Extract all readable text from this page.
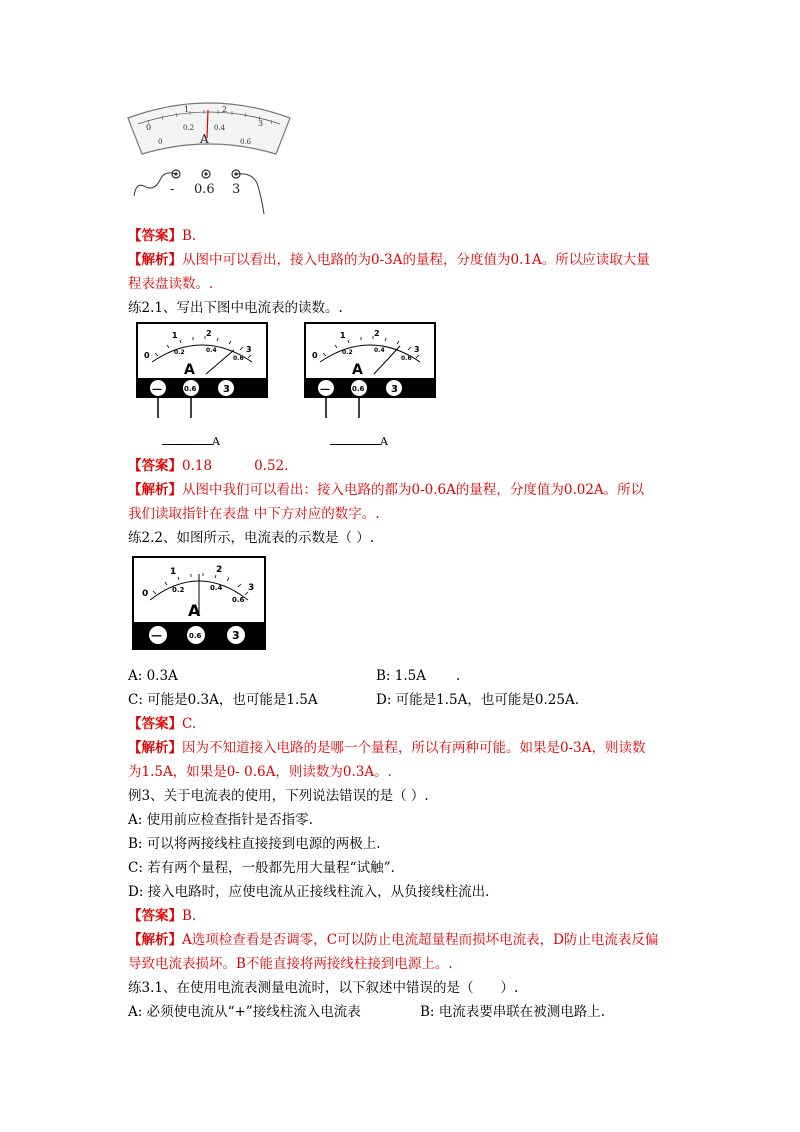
0
1	2
3
0
0.2	0.4
0.6
A
- 0.6 3
【答案】B.
【解析】从图中可以看出，接入电路的为0-3A的量程，分度值为0.1A。所以应读取大量
程表盘读数。.
练2.1、写出下图中电流表的读数。.
0
1	2
3
0.2	0.4
0.6
A
—	0.6	3
0
1	2
3
0.2	0.4
0.6
A
—	0.6	3
A	A
【答案】0.18	0.52.
【解析】从图中我们可以看出：接入电路的都为0-0.6A的量程，分度值为0.02A。所以
我们读取指针在表盘 中下方对应的数字。.
练2.2、如图所示，电流表的示数是（ ）.
0
1	2
3
0.2	0.4
0.6
A
—	0.6	3
A: 0.3A	B: 1.5A .
C: 可能是0.3A，也可能是1.5A	D: 可能是1.5A，也可能是0.25A.
【答案】C.
【解析】因为不知道接入电路的是哪一个量程，所以有两种可能。如果是0-3A，则读数
为1.5A，如果是0- 0.6A，则读数为0.3A。.
例3、关于电流表的使用，下列说法错误的是（ ）.
A: 使用前应检查指针是否指零.
B: 可以将两接线柱直接接到电源的两极上.
C: 若有两个量程，一般都先用大量程“试触”.
D: 接入电路时，应使电流从正接线柱流入，从负接线柱流出.
【答案】B.
【解析】A选项检查看是否调零，C可以防止电流超量程而损坏电流表，D防止电流表反偏
导致电流表损坏。B不能直接将两接线柱接到电源上。.
练3.1、在使用电流表测量电流时，以下叙述中错误的是（　　）.
A: 必须使电流从“+”接线柱流入电流表	B: 电流表要串联在被测电路上.
